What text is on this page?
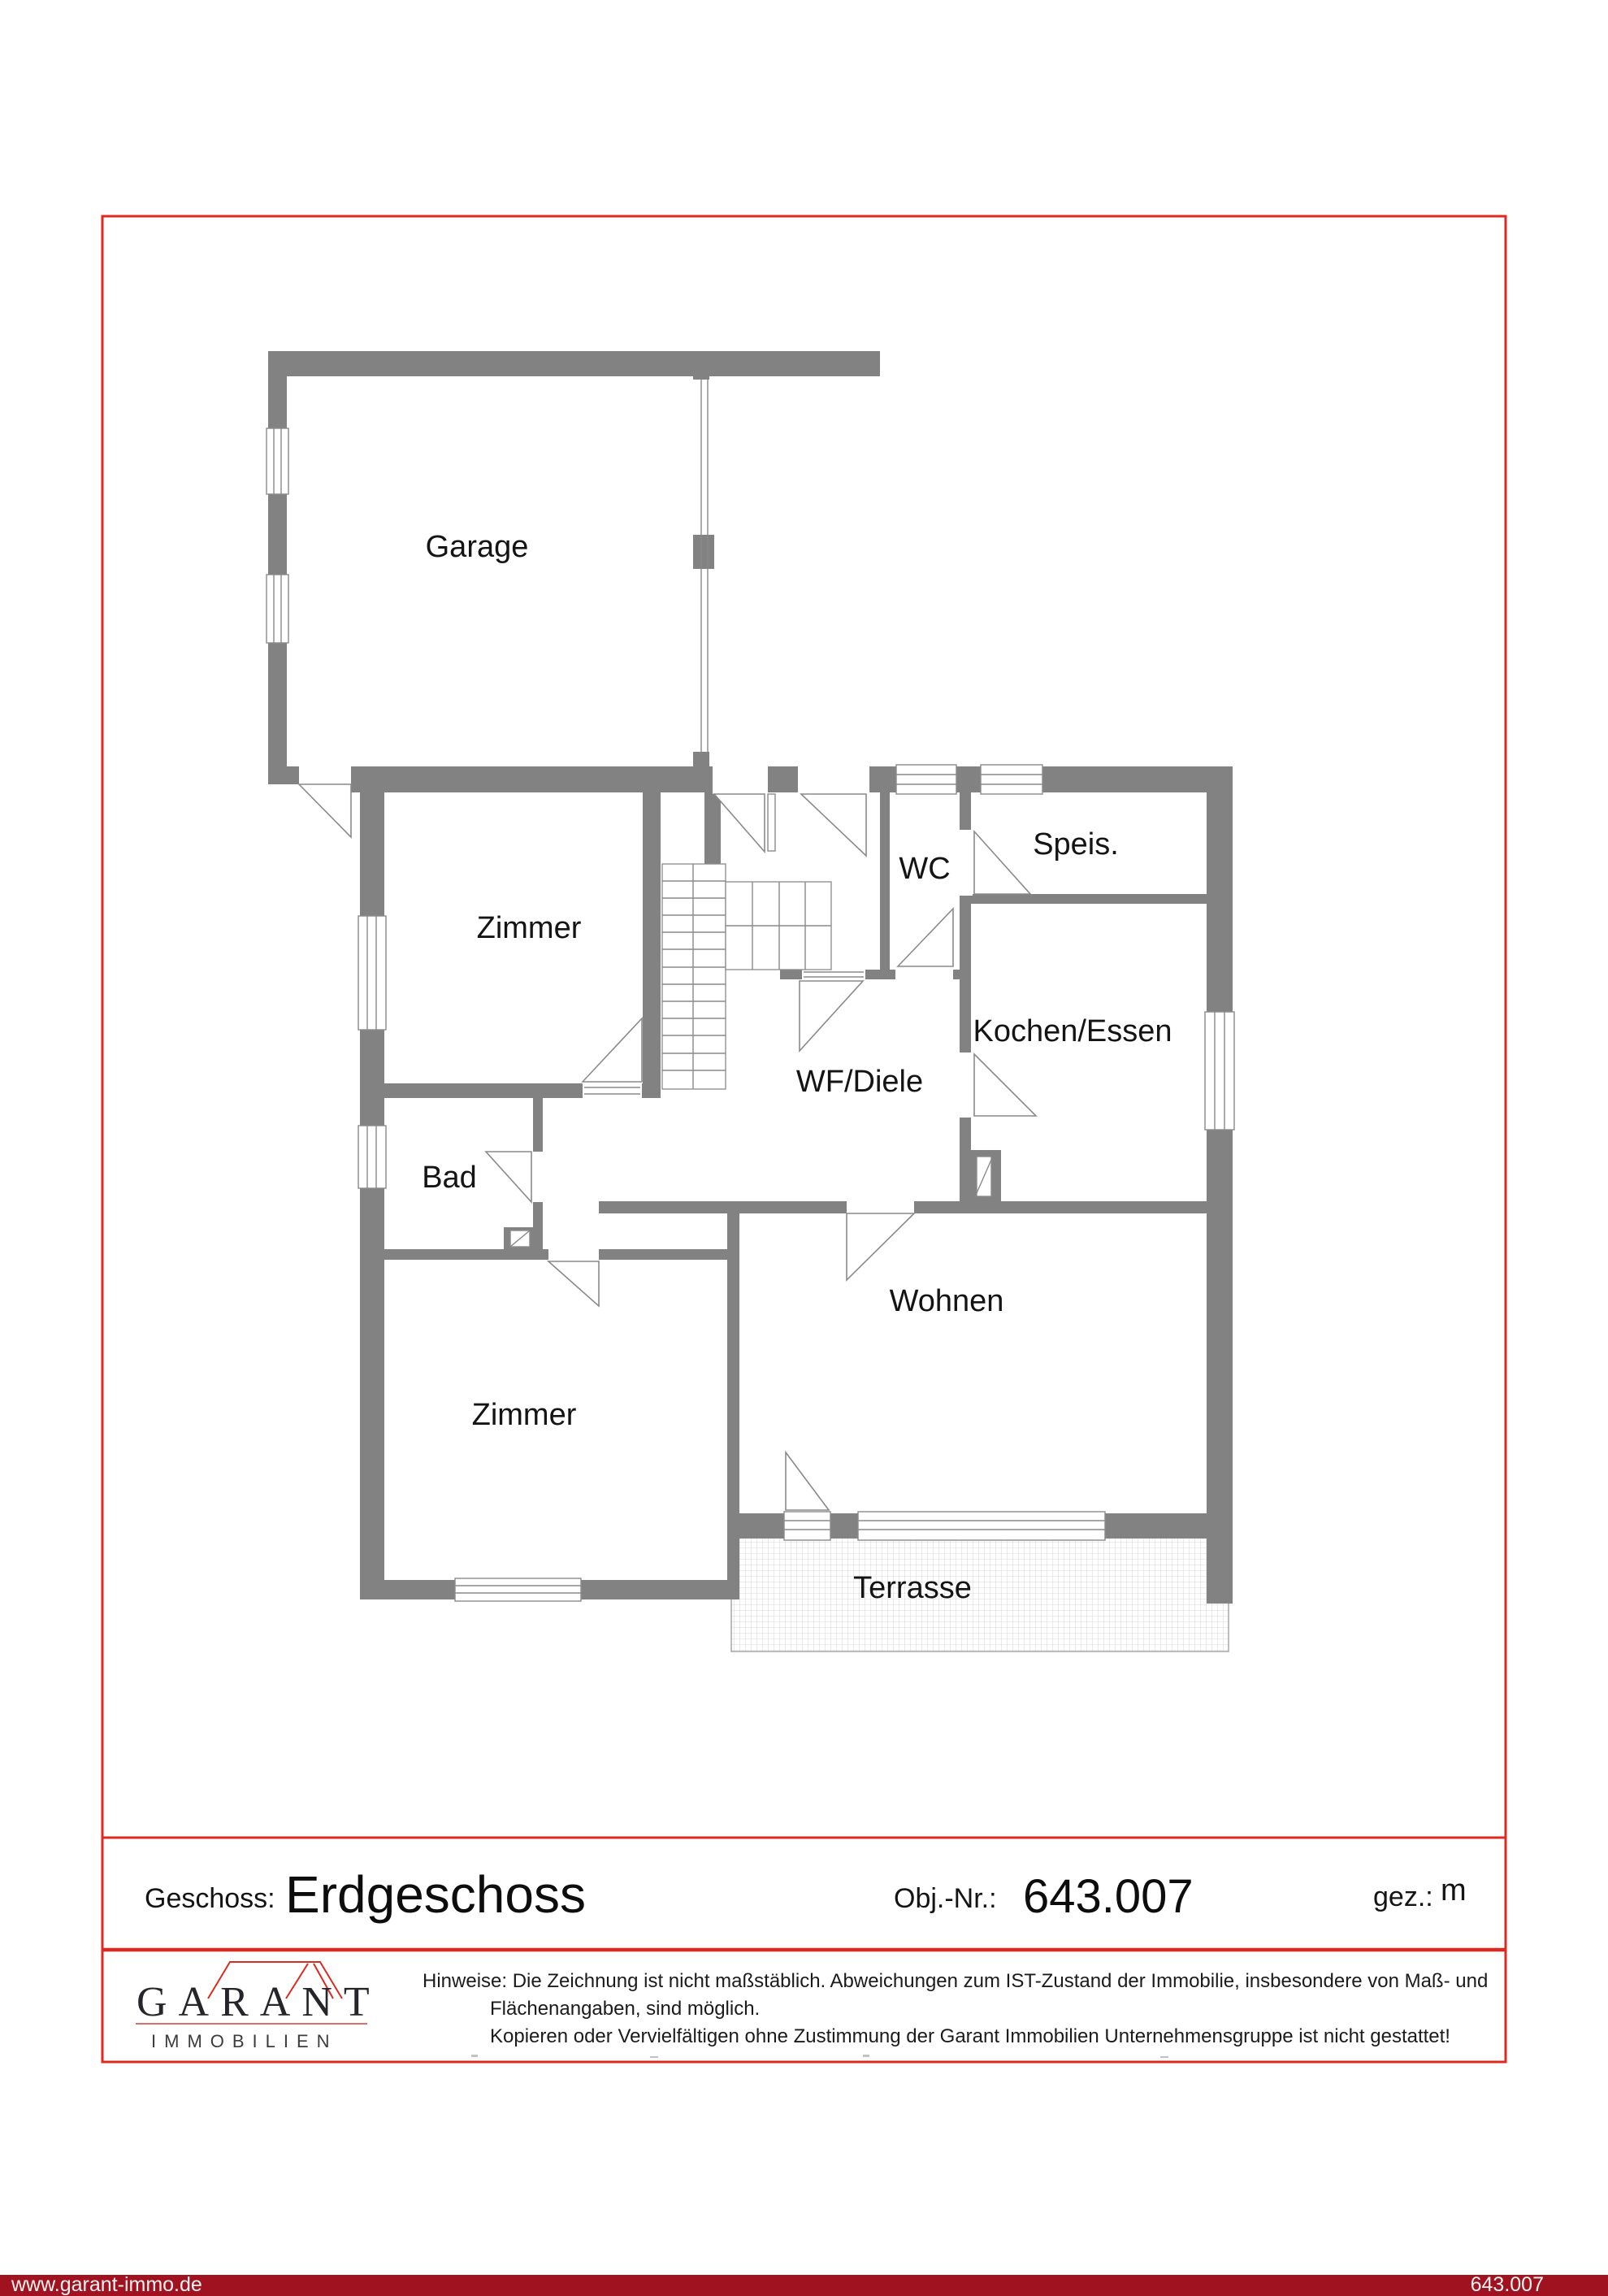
Garage
Zimmer
WC
Speis.
Kochen/Essen
WF/Diele
Bad
Zimmer
Wohnen
Terrasse
Geschoss: Erdgeschoss	Obj.-Nr.: 643.007	gez.: m
GARANT
IMMOBILIEN
Hinweise: Die Zeichnung ist nicht maßstäblich. Abweichungen zum IST-Zustand der Immobilie, insbesondere von Maß- und
Flächenangaben, sind möglich.
Kopieren oder Vervielfältigen ohne Zustimmung der Garant Immobilien Unternehmensgruppe ist nicht gestattet!
www.garant-immo.de	643.007
